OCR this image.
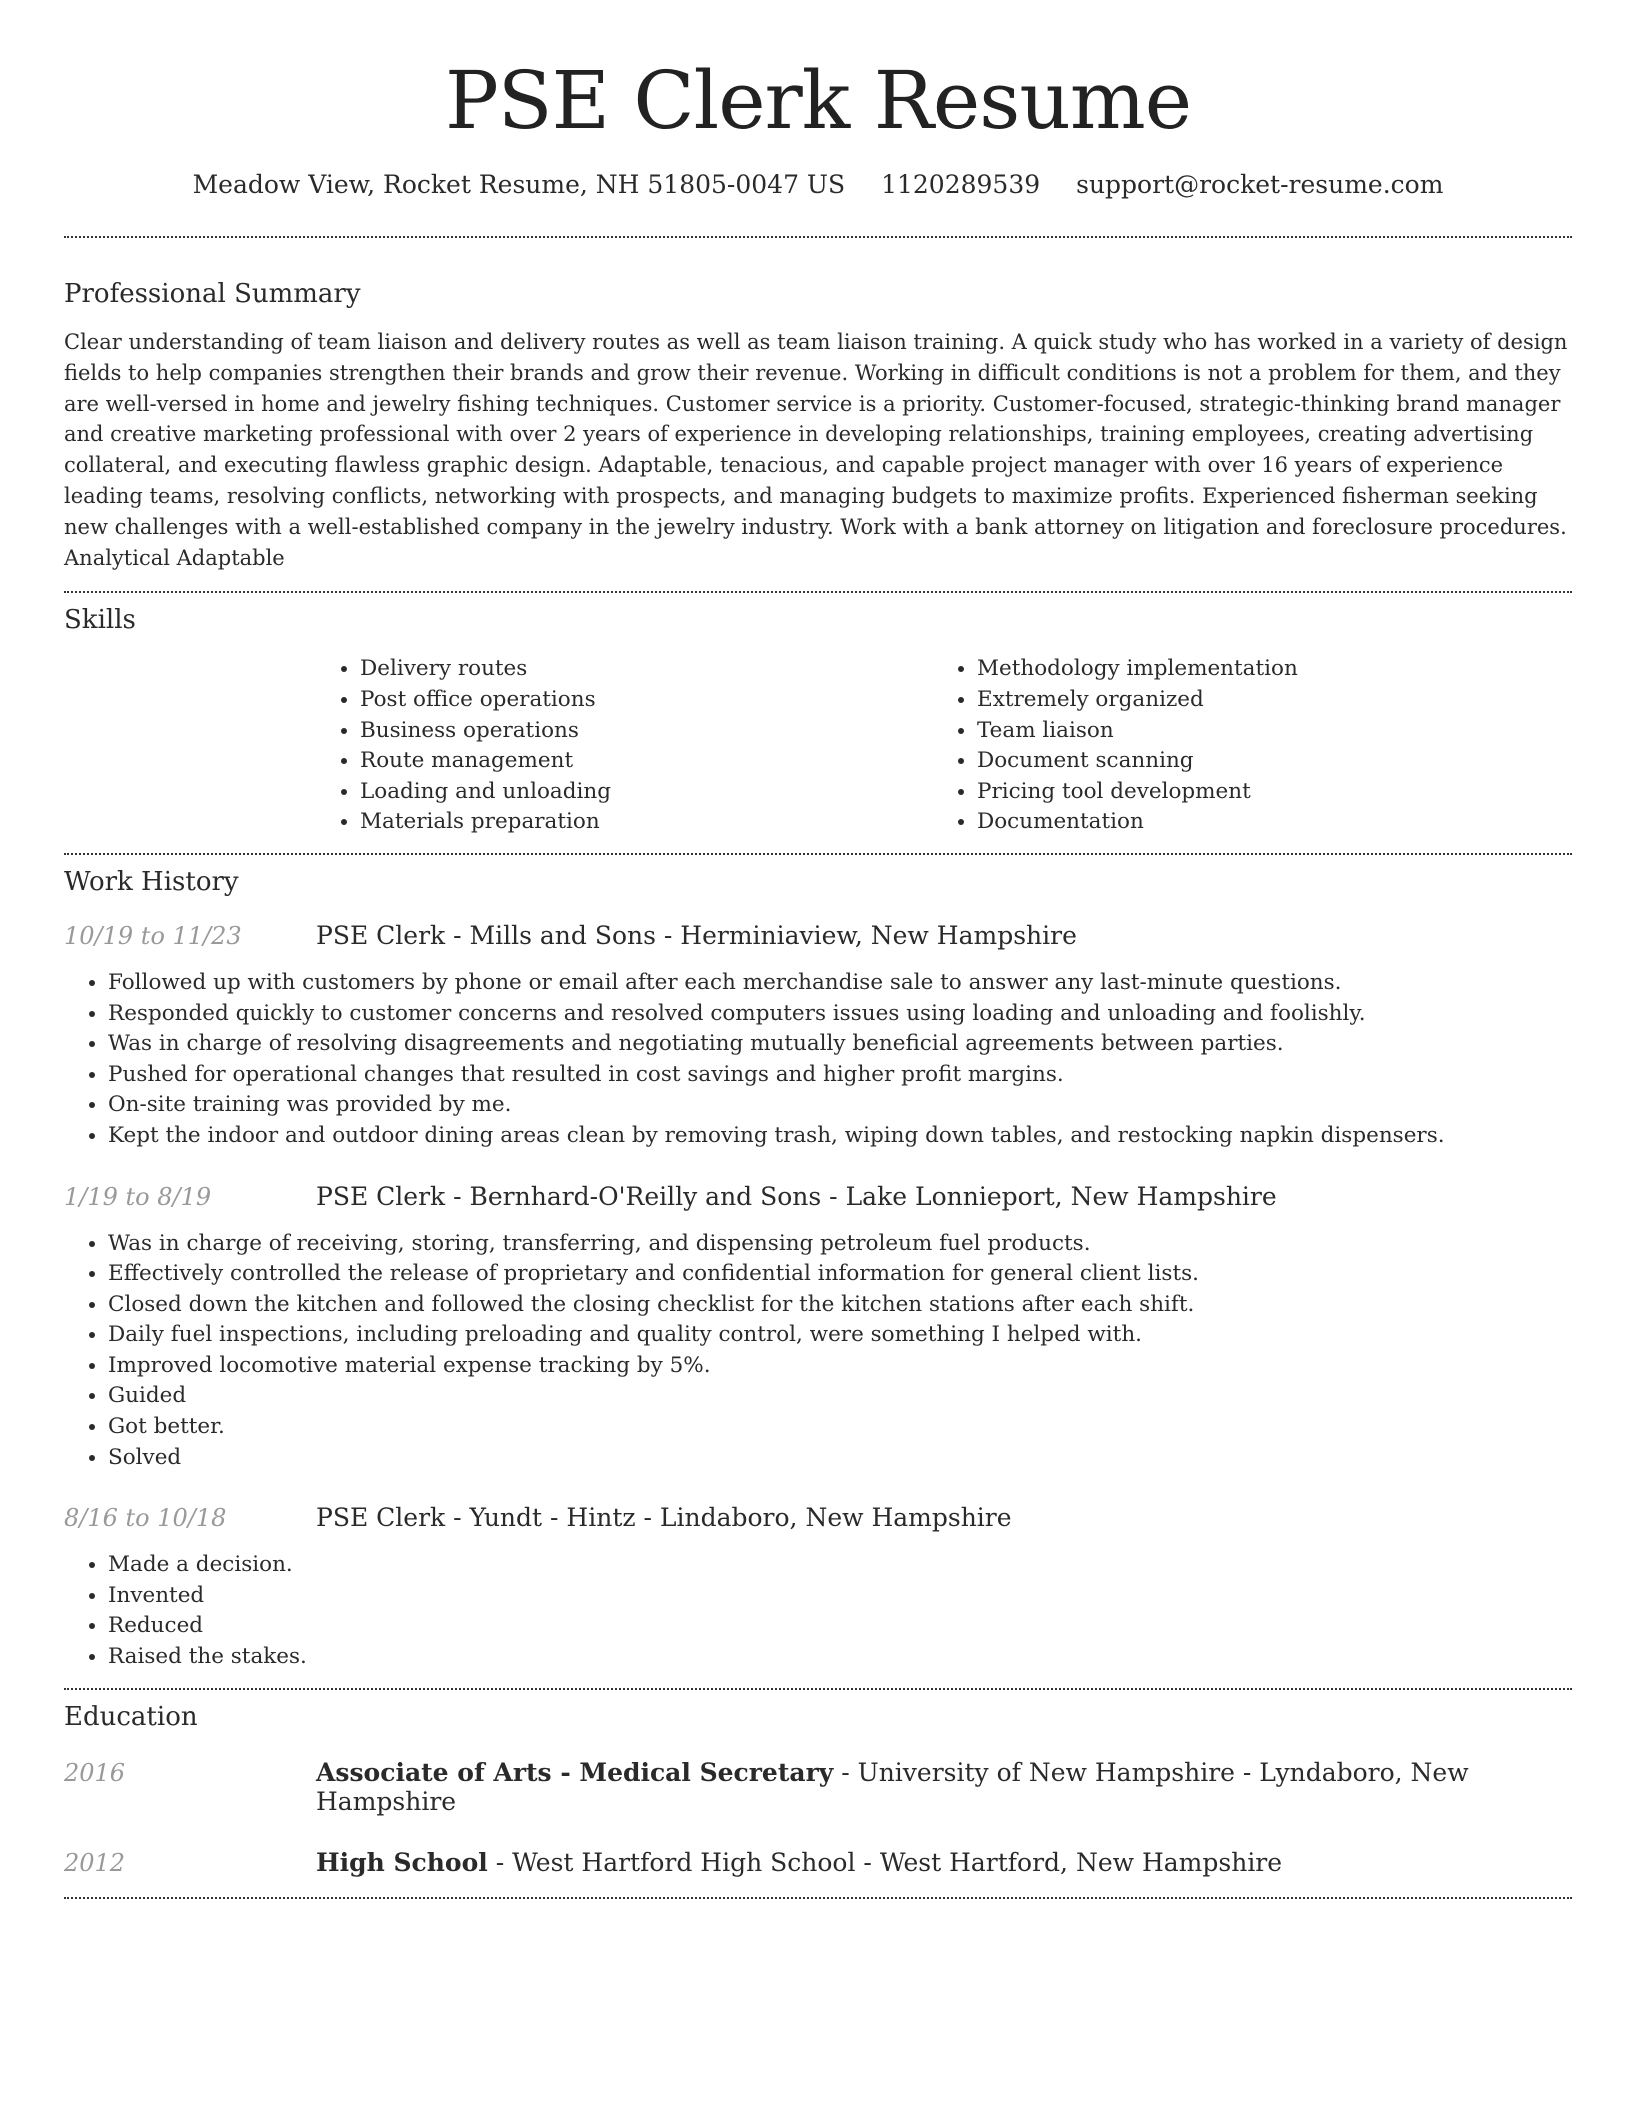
PSE Clerk Resume
Meadow View, Rocket Resume, NH 51805-0047 US 1120289539 support@rocket-resume.com
Professional Summary

Clear understanding of team liaison and delivery routes as well as team liaison training. A quick study who has worked in a variety of design fields to help companies strengthen their brands and grow their revenue. Working in difficult conditions is not a problem for them, and they are well-versed in home and jewelry fishing techniques. Customer service is a priority. Customer-focused, strategic-thinking brand manager and creative marketing professional with over 2 years of experience in developing relationships, training employees, creating advertising collateral, and executing flawless graphic design. Adaptable, tenacious, and capable project manager with over 16 years of experience leading teams, resolving conflicts, networking with prospects, and managing budgets to maximize profits. Experienced fisherman seeking new challenges with a well-established company in the jewelry industry. Work with a bank attorney on litigation and foreclosure procedures. Analytical Adaptable

Skills
• Delivery routes
• Post office operations
• Business operations
• Route management
• Loading and unloading
• Materials preparation
• Methodology implementation
• Extremely organized
• Team liaison
• Document scanning
• Pricing tool development
• Documentation
Work History
10/19 to 11/23	PSE Clerk - Mills and Sons - Herminiaview, New Hampshire
• Followed up with customers by phone or email after each merchandise sale to answer any last-minute questions.
• Responded quickly to customer concerns and resolved computers issues using loading and unloading and foolishly.
• Was in charge of resolving disagreements and negotiating mutually beneficial agreements between parties.
• Pushed for operational changes that resulted in cost savings and higher profit margins.
• On-site training was provided by me.
• Kept the indoor and outdoor dining areas clean by removing trash, wiping down tables, and restocking napkin dispensers.
1/19 to 8/19	PSE Clerk - Bernhard-O'Reilly and Sons - Lake Lonnieport, New Hampshire
• Was in charge of receiving, storing, transferring, and dispensing petroleum fuel products.
• Effectively controlled the release of proprietary and confidential information for general client lists.
• Closed down the kitchen and followed the closing checklist for the kitchen stations after each shift.
• Daily fuel inspections, including preloading and quality control, were something I helped with.
• Improved locomotive material expense tracking by 5%.
• Guided
• Got better.
• Solved
8/16 to 10/18	PSE Clerk - Yundt - Hintz - Lindaboro, New Hampshire
• Made a decision.
• Invented
• Reduced
• Raised the stakes.
Education
2016	Associate of Arts - Medical Secretary - University of New Hampshire - Lyndaboro, New Hampshire
2012	High School - West Hartford High School - West Hartford, New Hampshire
